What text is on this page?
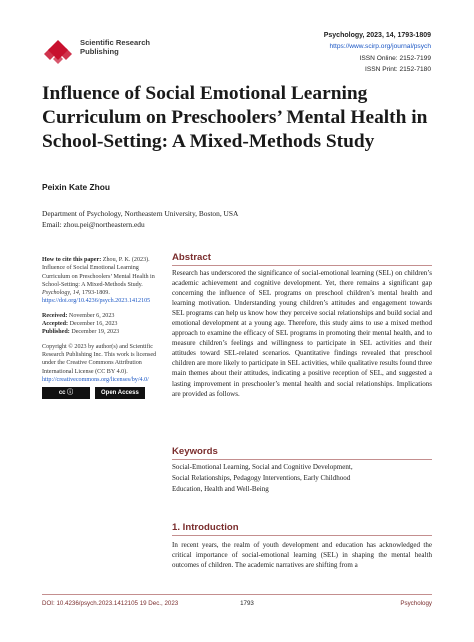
Scientific Research Publishing
Psychology, 2023, 14, 1793-1809
https://www.scirp.org/journal/psych
ISSN Online: 2152-7199
ISSN Print: 2152-7180
Influence of Social Emotional Learning Curriculum on Preschoolers’ Mental Health in School-Setting: A Mixed-Methods Study
Peixin Kate Zhou
Department of Psychology, Northeastern University, Boston, USA
Email: zhou.pei@northeastern.edu

How to cite this paper: Zhou, P. K. (2023). Influence of Social Emotional Learning Curriculum on Preschoolers’ Mental Health in School-Setting: A Mixed-Methods Study. Psychology, 14, 1793-1809. https://doi.org/10.4236/psych.2023.1412105

Received: November 6, 2023
Accepted: December 16, 2023
Published: December 19, 2023

Copyright © 2023 by author(s) and Scientific Research Publishing Inc. This work is licensed under the Creative Commons Attribution International License (CC BY 4.0).
http://creativecommons.org/licenses/by/4.0/

cc ⓘ	Open Access
Abstract

Research has underscored the significance of social-emotional learning (SEL) on children’s academic achievement and cognitive development. Yet, there remains a significant gap concerning the influence of SEL programs on preschool children’s mental health and learning motivation. Understanding young children’s attitudes and engagement towards SEL programs can help us know how they perceive social relationships and build social and emotional development at a young age. Therefore, this study aims to use a mixed method approach to examine the efficacy of SEL programs in promoting their mental health, and to measure children’s feelings and willingness to participate in SEL activities and their attitudes toward SEL-related scenarios. Quantitative findings revealed that preschool children are more likely to participate in SEL activities, while qualitative results found three main themes about their attitudes, indicating a positive reception of SEL, and suggested a lasting improvement in preschooler’s mental health and social relationships. Implications are provided as follows.

Keywords
Social-Emotional Learning, Social and Cognitive Development,
Social Relationships, Pedagogy Interventions, Early Childhood
Education, Health and Well-Being
1. Introduction

In recent years, the realm of youth development and education has acknowledged the critical importance of social-emotional learning (SEL) in shaping the mental health outcomes of children. The academic narratives are shifting from a

DOI: 10.4236/psych.2023.1412105 19 Dec., 2023	1793	Psychology
